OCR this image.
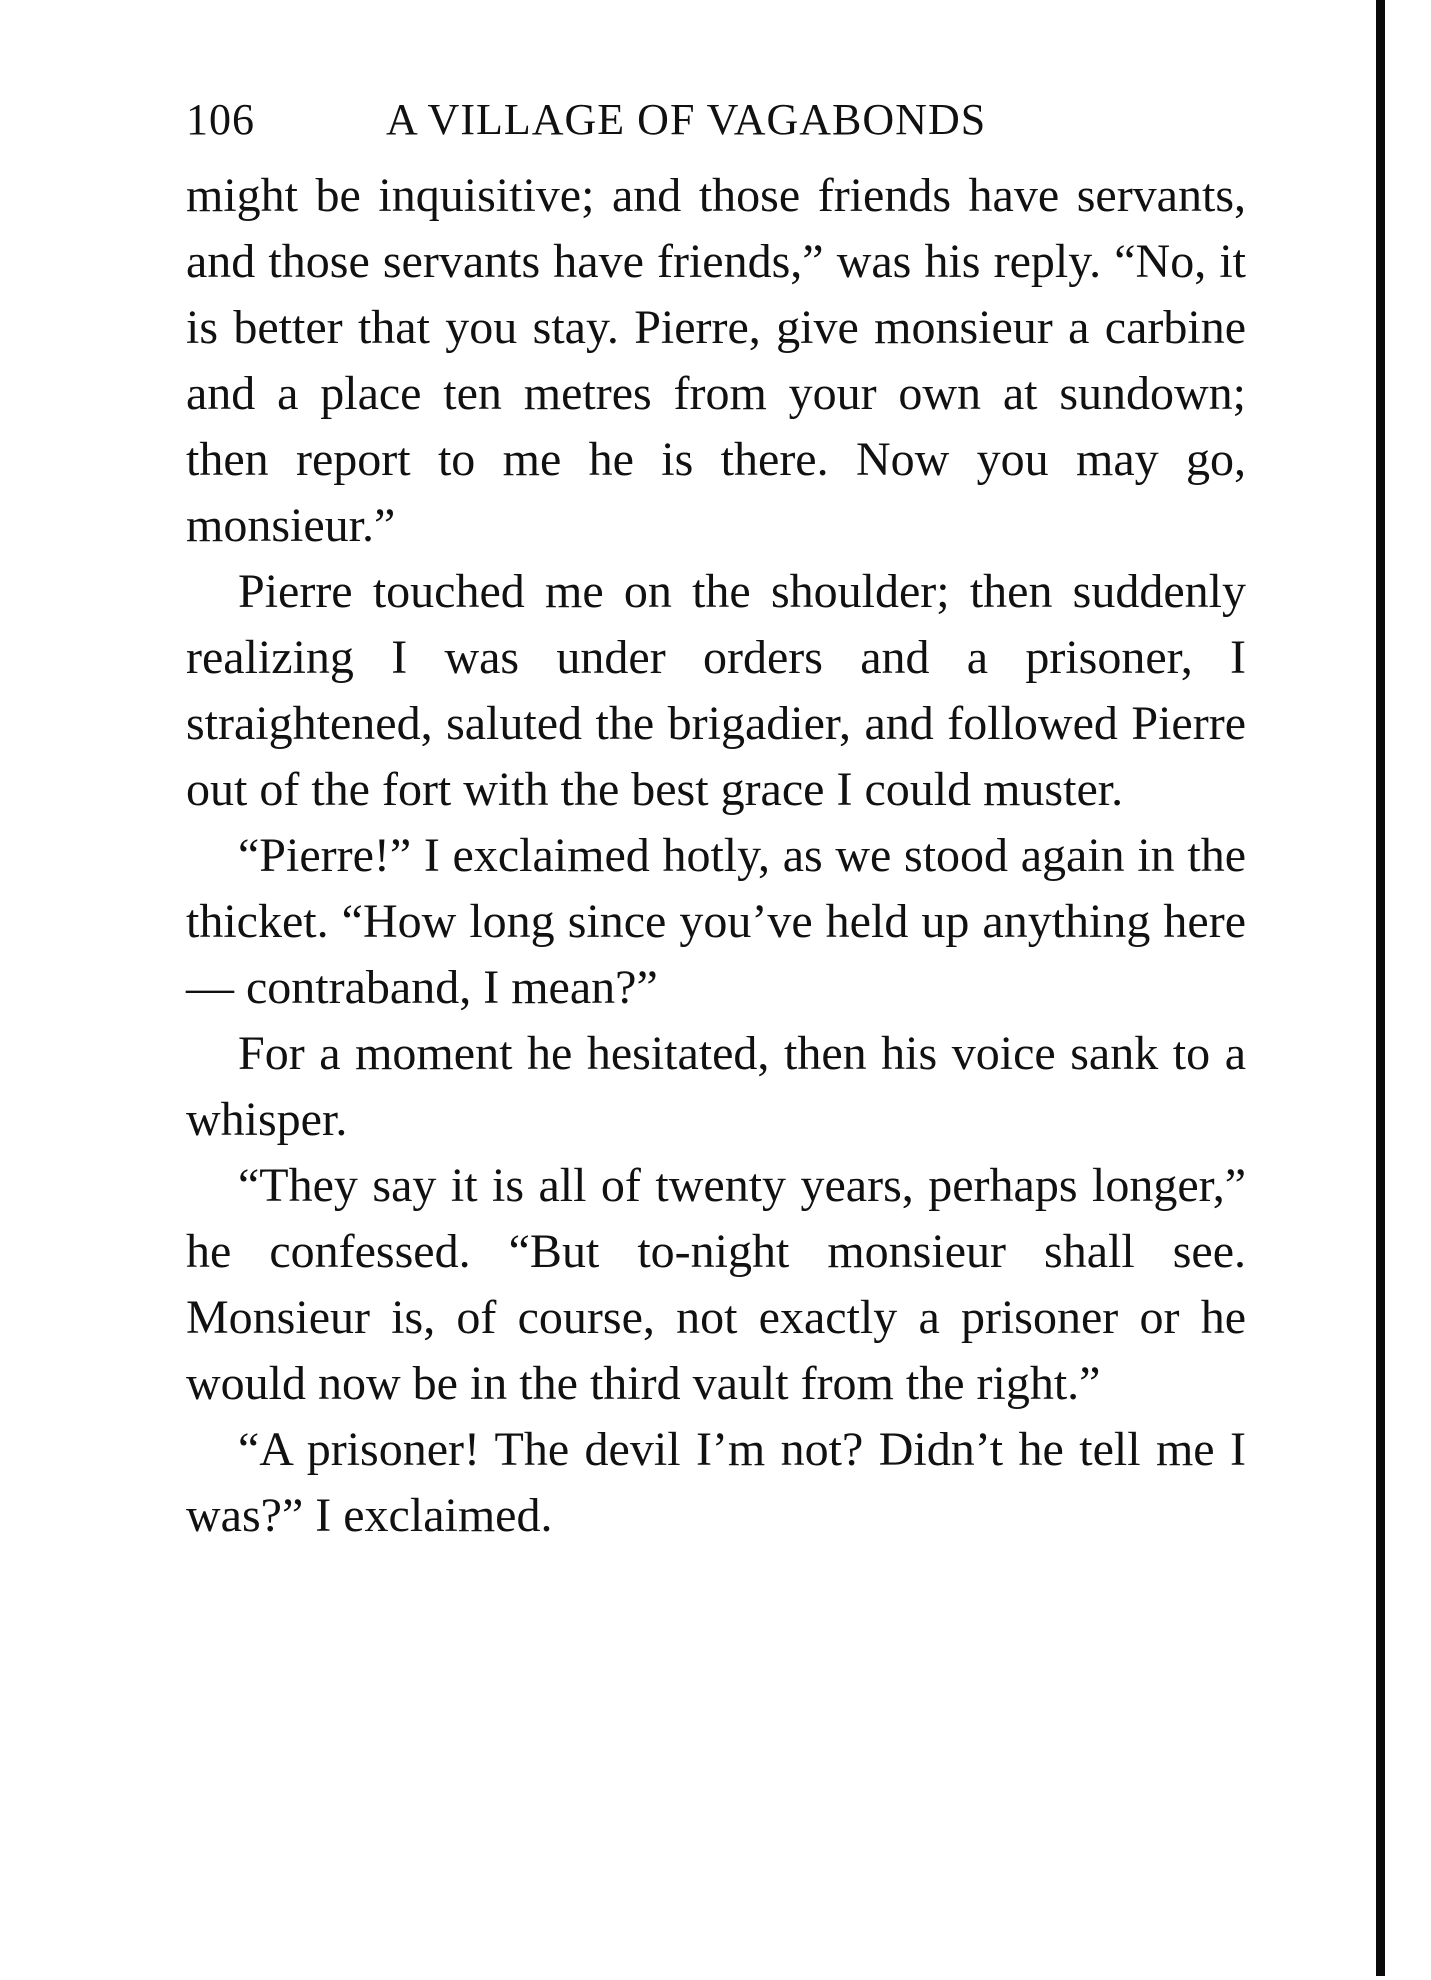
106	A VILLAGE OF VAGABONDS

might be inquisitive; and those friends have servants, and those servants have friends,” was his reply. “No, it is better that you stay. Pierre, give monsieur a carbine and a place ten metres from your own at sundown; then report to me he is there. Now you may go, monsieur.”

Pierre touched me on the shoulder; then suddenly realizing I was under orders and a prisoner, I straightened, saluted the brigadier, and followed Pierre out of the fort with the best grace I could muster.

“Pierre!” I exclaimed hotly, as we stood again in the thicket. “How long since you’ve held up anything here — contraband, I mean?”

For a moment he hesitated, then his voice sank to a whisper.

“They say it is all of twenty years, perhaps longer,” he confessed. “But to-night monsieur shall see. Monsieur is, of course, not exactly a prisoner or he would now be in the third vault from the right.”

“A prisoner! The devil I’m not? Didn’t he tell me I was?” I exclaimed.
